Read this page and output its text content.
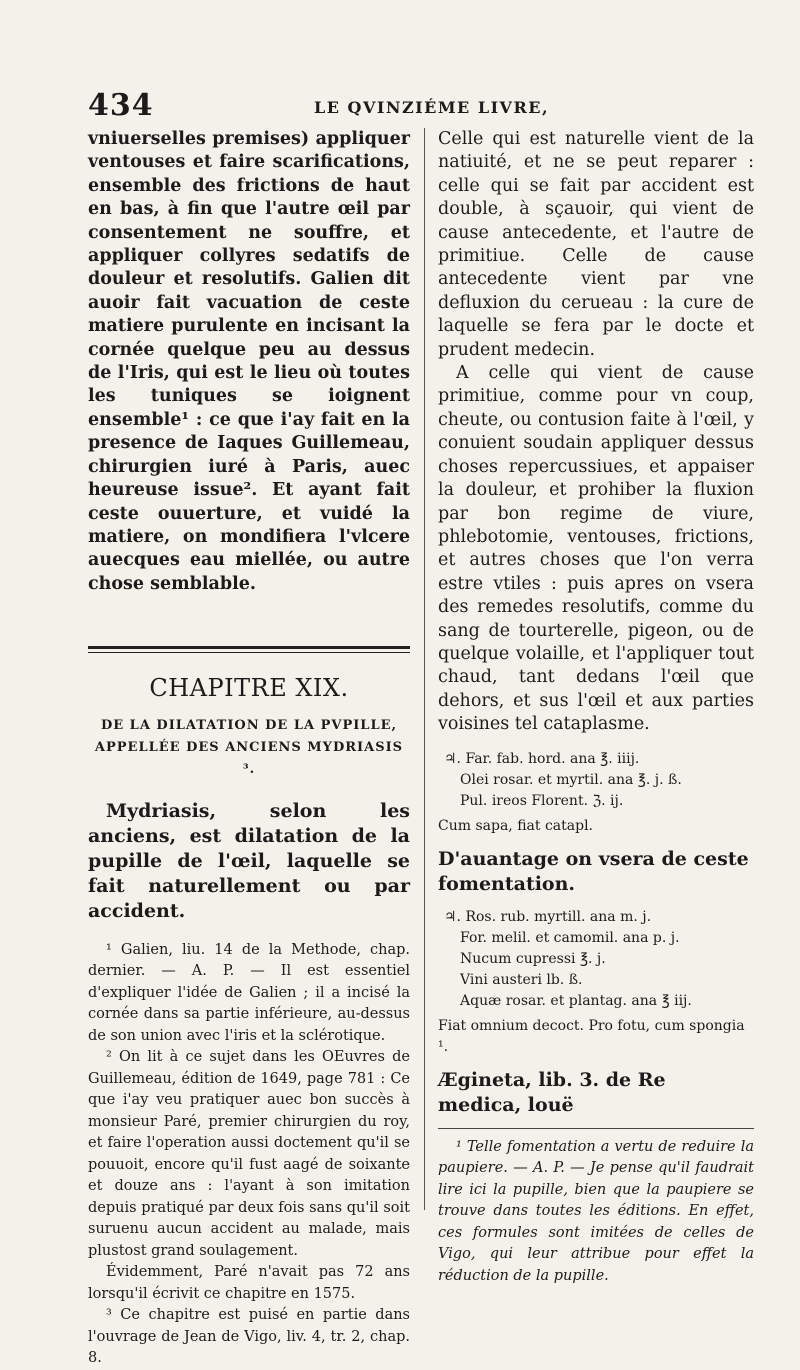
434	LE QVINZIÉME LIVRE,

vniuerselles premises) appliquer ventouses et faire scarifications, ensemble des frictions de haut en bas, à fin que l'autre œil par consentement ne souffre, et appliquer collyres sedatifs de douleur et resolutifs. Galien dit auoir fait vacuation de ceste matiere purulente en incisant la cornée quelque peu au dessus de l'Iris, qui est le lieu où toutes les tuniques se ioignent ensemble¹ : ce que i'ay fait en la presence de Iaques Guillemeau, chirurgien iuré à Paris, auec heureuse issue². Et ayant fait ceste ouuerture, et vuidé la matiere, on mondifiera l'vlcere auecques eau miellée, ou autre chose semblable.

CHAPITRE XIX.
DE LA DILATATION DE LA PVPILLE, APPELLÉE DES ANCIENS MYDRIASIS ³.

Mydriasis, selon les anciens, est dilatation de la pupille de l'œil, laquelle se fait naturellement ou par accident.

¹ Galien, liu. 14 de la Methode, chap. dernier. — A. P. — Il est essentiel d'expliquer l'idée de Galien ; il a incisé la cornée dans sa partie inférieure, au-dessus de son union avec l'iris et la sclérotique.

² On lit à ce sujet dans les OEuvres de Guillemeau, édition de 1649, page 781 : Ce que i'ay veu pratiquer auec bon succès à monsieur Paré, premier chirurgien du roy, et faire l'operation aussi doctement qu'il se pouuoit, encore qu'il fust aagé de soixante et douze ans : l'ayant à son imitation depuis pratiqué par deux fois sans qu'il soit suruenu aucun accident au malade, mais plustost grand soulagement.

Évidemment, Paré n'avait pas 72 ans lorsqu'il écrivit ce chapitre en 1575.

³ Ce chapitre est puisé en partie dans l'ouvrage de Jean de Vigo, liv. 4, tr. 2, chap. 8.

Celle qui est naturelle vient de la natiuité, et ne se peut reparer : celle qui se fait par accident est double, à sçauoir, qui vient de cause antecedente, et l'autre de primitiue. Celle de cause antecedente vient par vne defluxion du cerueau : la cure de laquelle se fera par le docte et prudent medecin.

A celle qui vient de cause primitiue, comme pour vn coup, cheute, ou contusion faite à l'œil, y conuient soudain appliquer dessus choses repercussiues, et appaiser la douleur, et prohiber la fluxion par bon regime de viure, phlebotomie, ventouses, frictions, et autres choses que l'on verra estre vtiles : puis apres on vsera des remedes resolutifs, comme du sang de tourterelle, pigeon, ou de quelque volaille, et l'appliquer tout chaud, tant dedans l'œil que dehors, et sus l'œil et aux parties voisines tel cataplasme.

♃. Far. fab. hord. ana ℥. iiij.
Olei rosar. et myrtil. ana ℥. j. ß.
Pul. ireos Florent. ℨ. ij.
Cum sapa, fiat catapl.
D'auantage on vsera de ceste fomentation.
♃. Ros. rub. myrtill. ana m. j.
For. melil. et camomil. ana p. j.
Nucum cupressi ℥. j.
Vini austeri lb. ß.
Aquæ rosar. et plantag. ana ℥ iij.
Fiat omnium decoct. Pro fotu, cum spongia ¹.
Ægineta, lib. 3. de Re medica, louë

¹ Telle fomentation a vertu de reduire la paupiere. — A. P. — Je pense qu'il faudrait lire ici la pupille, bien que la paupiere se trouve dans toutes les éditions. En effet, ces formules sont imitées de celles de Vigo, qui leur attribue pour effet la réduction de la pupille.
